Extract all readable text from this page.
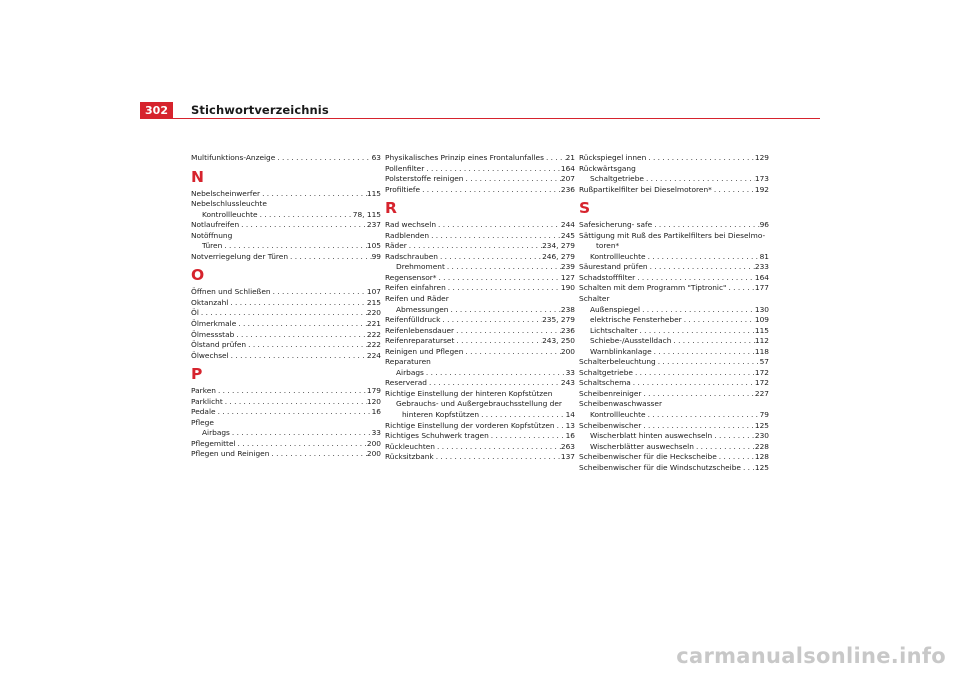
302	Stichwortverzeichnis
Multifunktions-Anzeige . . .	63
N
Nebelscheinwerfer . . .	115
Nebelschlussleuchte
Kontrollleuchte . . .	78, 115
Notlaufreifen . . .	237
Notöffnung
Türen . . .	105
Notverriegelung der Türen . . .	99
O
Öffnen und Schließen . . .	107
Oktanzahl . . .	215
Öl . . .	220
Ölmerkmale . . .	221
Ölmessstab . . .	222
Ölstand prüfen . . .	222
Ölwechsel . . .	224
P
Parken . . .	179
Parklicht . . .	120
Pedale . . .	16
Pflege
Airbags . . .	33
Pflegemittel . . .	200
Pflegen und Reinigen . . .	200
Physikalisches Prinzip eines Frontalunfalles . . .	21
Pollenfilter . . .	164
Polsterstoffe reinigen . . .	207
Profiltiefe . . .	236
R
Rad wechseln . . .	244
Radblenden . . .	245
Räder . . .	234, 279
Radschrauben . . .	246, 279
Drehmoment . . .	239
Regensensor* . . .	127
Reifen einfahren . . .	190
Reifen und Räder
Abmessungen . . .	238
Reifenfülldruck . . .	235, 279
Reifenlebensdauer . . .	236
Reifenreparaturset . . .	243, 250
Reinigen und Pflegen . . .	200
Reparaturen
Airbags . . .	33
Reserverad . . .	243
Richtige Einstellung der hinteren Kopfstützen
Gebrauchs- und Außergebrauchsstellung der
hinteren Kopfstützen . . .	14
Richtige Einstellung der vorderen Kopfstützen . . . 13
Richtiges Schuhwerk tragen . . .	16
Rückleuchten . . .	263
Rücksitzbank . . .	137
Rückspiegel innen . . .	129
Rückwärtsgang
Schaltgetriebe . . .	173
Rußpartikelfilter bei Dieselmotoren* . . .	192
S
Safesicherung- safe . . .	96
Sättigung mit Ruß des Partikelfilters bei Dieselmo-
toren*
Kontrollleuchte . . .	81
Säurestand prüfen . . .	233
Schadstofffilter . . .	164
Schalten mit dem Programm "Tiptronic" . . .	177
Schalter
Außenspiegel . . .	130
elektrische Fensterheber . . .	109
Lichtschalter . . .	115
Schiebe-/Ausstelldach . . .	112
Warnblinkanlage . . .	118
Schalterbeleuchtung . . .	57
Schaltgetriebe . . .	172
Schaltschema . . .	172
Scheibenreiniger . . .	227
Scheibenwaschwasser
Kontrollleuchte . . .	79
Scheibenwischer . . .	125
Wischerblatt hinten auswechseln . . .	230
Wischerblätter auswechseln . . .	228
Scheibenwischer für die Heckscheibe . . .	128
Scheibenwischer für die Windschutzscheibe . . . 125
carmanualsonline.info
